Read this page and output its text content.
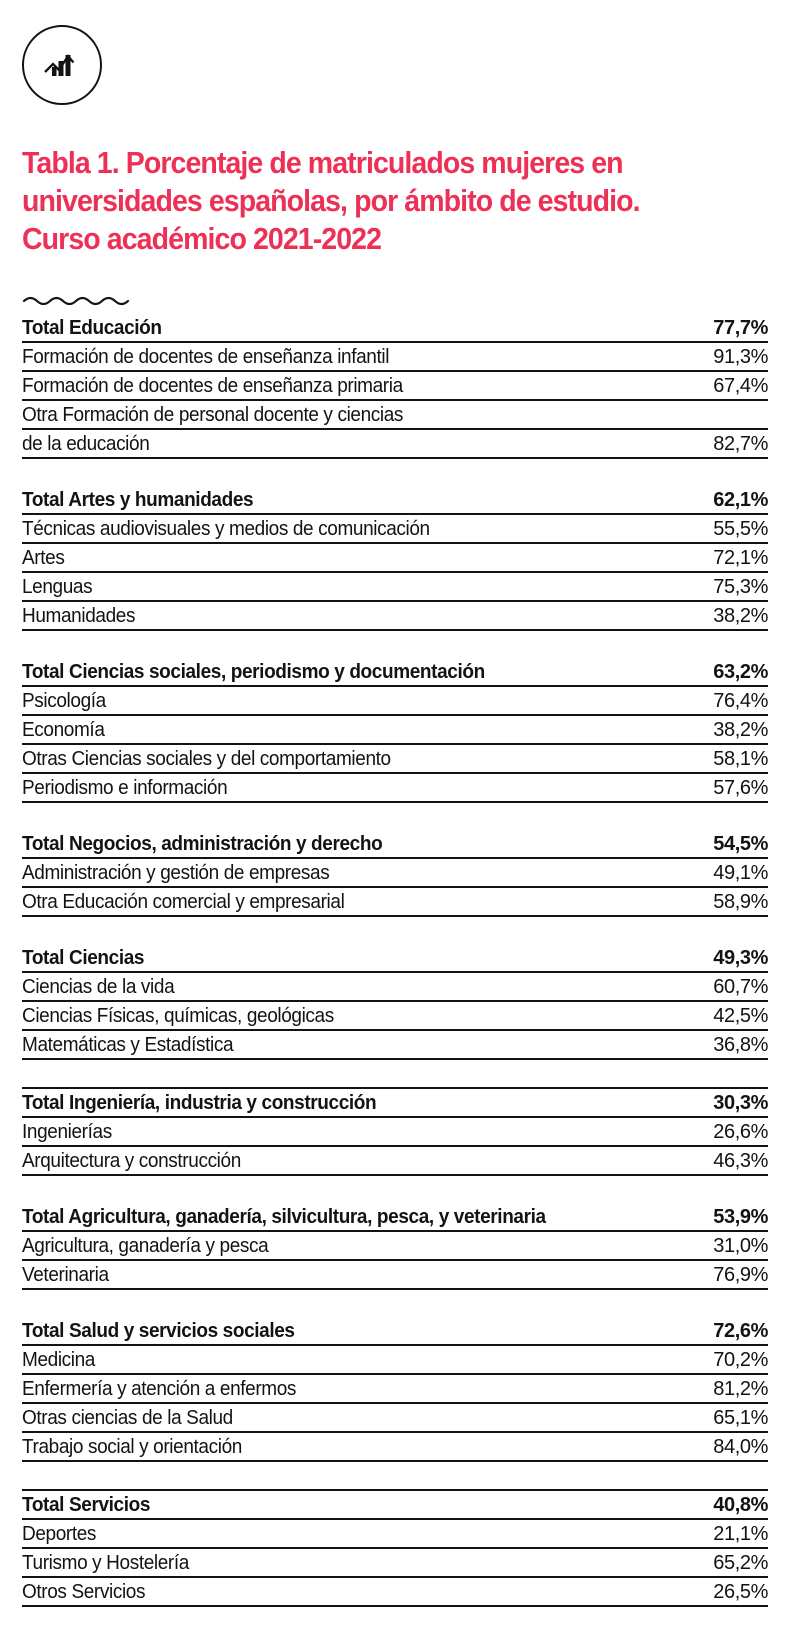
Tabla 1. Porcentaje de matriculados mujeres en
universidades españolas, por ámbito de estudio.
Curso académico 2021-2022
Total Educación	77,7%
Formación de docentes de enseñanza infantil	91,3%
Formación de docentes de enseñanza primaria	67,4%
Otra Formación de personal docente y ciencias
de la educación	82,7%
Total Artes y humanidades	62,1%
Técnicas audiovisuales y medios de comunicación	55,5%
Artes	72,1%
Lenguas	75,3%
Humanidades	38,2%
Total Ciencias sociales, periodismo y documentación	63,2%
Psicología	76,4%
Economía	38,2%
Otras Ciencias sociales y del comportamiento	58,1%
Periodismo e información	57,6%
Total Negocios, administración y derecho	54,5%
Administración y gestión de empresas	49,1%
Otra Educación comercial y empresarial	58,9%
Total Ciencias	49,3%
Ciencias de la vida	60,7%
Ciencias Físicas, químicas, geológicas	42,5%
Matemáticas y Estadística	36,8%
Total Ingeniería, industria y construcción	30,3%
Ingenierías	26,6%
Arquitectura y construcción	46,3%
Total Agricultura, ganadería, silvicultura, pesca, y veterinaria	53,9%
Agricultura, ganadería y pesca	31,0%
Veterinaria	76,9%
Total Salud y servicios sociales	72,6%
Medicina	70,2%
Enfermería y atención a enfermos	81,2%
Otras ciencias de la Salud	65,1%
Trabajo social y orientación	84,0%
Total Servicios	40,8%
Deportes	21,1%
Turismo y Hostelería	65,2%
Otros Servicios	26,5%
